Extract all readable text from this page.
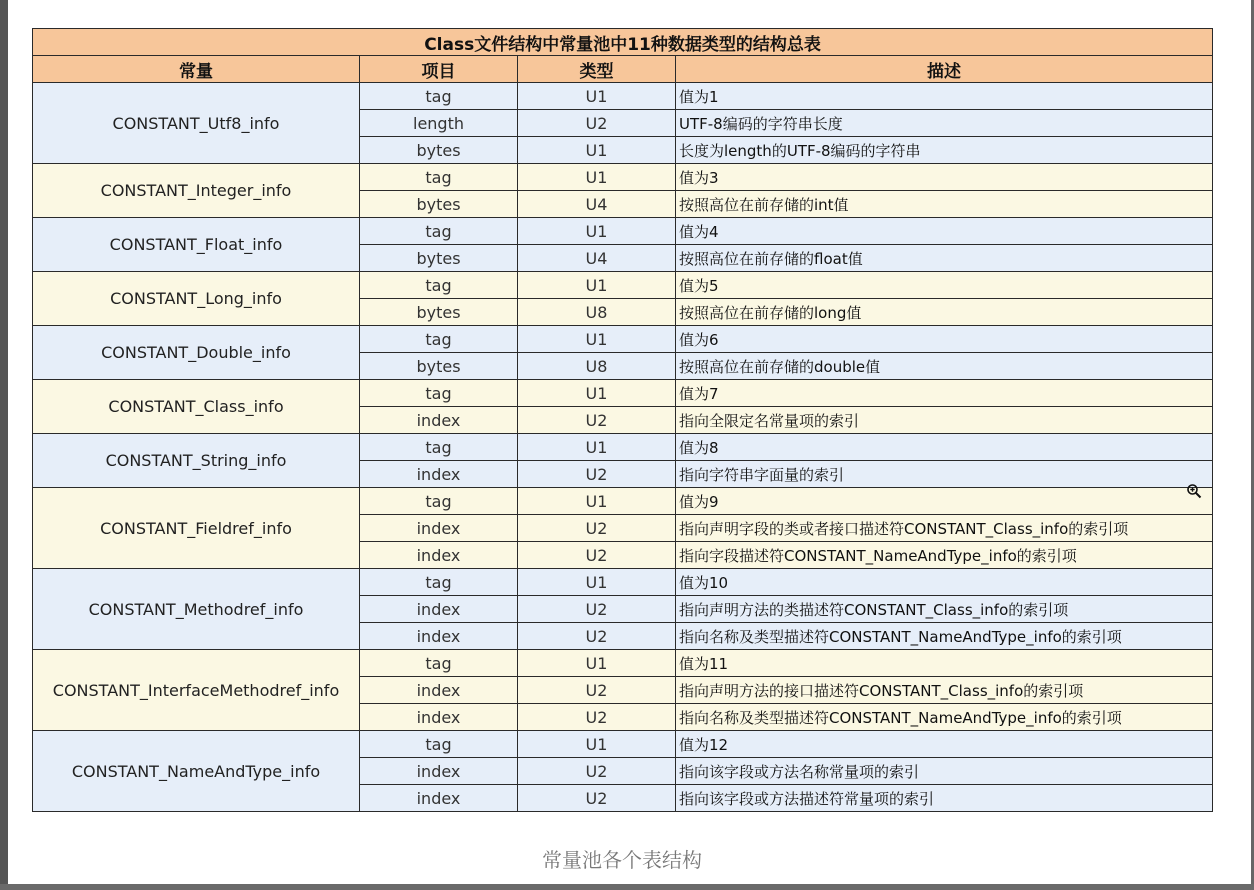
Class文件结构中常量池中11种数据类型的结构总表			
常量	项目	类型	描述
CONSTANT_Utf8_info	tag	U1	值为1
	length	U2	UTF-8编码的字符串长度
	bytes	U1	长度为length的UTF-8编码的字符串
CONSTANT_Integer_info	tag	U1	值为3
	bytes	U4	按照高位在前存储的int值
CONSTANT_Float_info	tag	U1	值为4
	bytes	U4	按照高位在前存储的float值
CONSTANT_Long_info	tag	U1	值为5
	bytes	U8	按照高位在前存储的long值
CONSTANT_Double_info	tag	U1	值为6
	bytes	U8	按照高位在前存储的double值
CONSTANT_Class_info	tag	U1	值为7
	index	U2	指向全限定名常量项的索引
CONSTANT_String_info	tag	U1	值为8
	index	U2	指向字符串字面量的索引
CONSTANT_Fieldref_info	tag	U1	值为9
	index	U2	指向声明字段的类或者接口描述符CONSTANT_Class_info的索引项
	index	U2	指向字段描述符CONSTANT_NameAndType_info的索引项
CONSTANT_Methodref_info	tag	U1	值为10
	index	U2	指向声明方法的类描述符CONSTANT_Class_info的索引项
	index	U2	指向名称及类型描述符CONSTANT_NameAndType_info的索引项
CONSTANT_InterfaceMethodref_info	tag	U1	值为11
	index	U2	指向声明方法的接口描述符CONSTANT_Class_info的索引项
	index	U2	指向名称及类型描述符CONSTANT_NameAndType_info的索引项
CONSTANT_NameAndType_info	tag	U1	值为12
	index	U2	指向该字段或方法名称常量项的索引
	index	U2	指向该字段或方法描述符常量项的索引
常量池各个表结构
